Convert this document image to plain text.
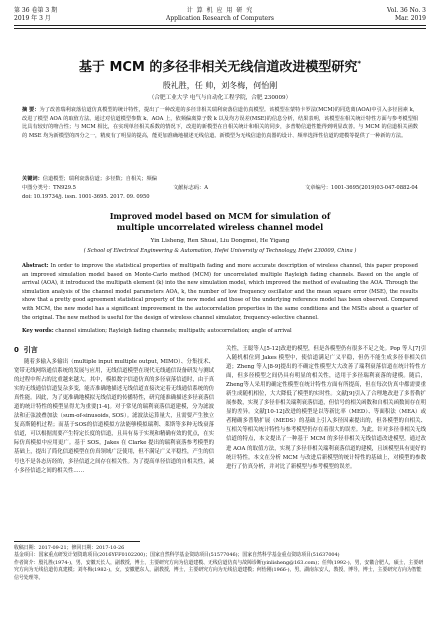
第 36 卷第 3 期
2019 年 3 月
计 算 机 应 用 研 究
Application Research of Computers
Vol. 36 No. 3
Mar. 2019
基于 MCM 的多径非相关无线信道改进模型研究*
殷礼胜，任 帅，刘冬梅，何怡刚
（合肥工业大学 电气与自动化工程学院，合肥 230009）
摘 要：为了改善瑞利衰落信道仿真模型的统计特性，提出了一种改进的多径非相关瑞利衰落信道仿真模型。该模型在蒙特卡罗法(MCM)的同迭离(AOA)中引入多径因素 k，改进了模型 AOA 的取值方法。通过对信道模型参数 k、AOA 上，依频偏离算子数 k 以及均方误差(MSE)的信息分析，结果表明，该模型在相关统计特性方面与参考模型相比具有较好的吻合性；与 MCM 相比，在实现单径相关系数的情况下，改进的新模型在自相关统计和相关的同步，多普勒信道性能得到明显改善。与 MCM 的信道相关函数的 MSE 均为新模型的四分之一，精度有了明显的提高，能更加准确地描述无线信道。新模型为无线信道仿真器的设计、频率选择性信道的建模等提供了一种新的方法。
关键词：信道模型；瑞利衰落信道；多径数；自相关；频偏
中图分类号：TN929.5	文献标志码：A	文章编号：1001-3695(2019)03-047-0882-04
doi: 10.19734/j. issn. 1001-3695. 2017. 09. 0950
Improved model based on MCM for simulation of multiple uncorrelated wireless channel model
Yin Lisheng, Ren Shuai, Liu Dongmei, He Yigang
( School of Electrical Engineering & Automation, Hefei University of Technology, Hefei 230009, China )
Abstract: In order to improve the statistical properties of multipath fading and more accurate description of wireless channel, this paper proposed an improved simulation model based on Monte-Carlo method (MCM) for uncorrelated multiple Rayleigh fading channels. Based on the angle of arrival (AOA), it introduced the multipath element (k) into the new simulation model, which improved the method of evaluating the AOA. Through the simulation analysis of the channel model parameters AOA, k, the number of low frequency oscillator and the mean square error (MSE), the results show that a pretty good agreement statistical property of the new model and those of the underlying reference model has been observed. Compared with MCM, the new model has a significant improvement in the autocorrelation properties in the same conditions and the MSEs about a quarter of the original. The new method is useful for the design of wireless channel simulator, frequency-selective channel.
Key words: channel simulation; Rayleigh fading channels; multipath; autocorrelation; angle of arrival
0 引言

随着多输入多输出（multiple input multiple output, MIMO）、分集技术、宽带无线网络通信系统的发展与应用，无线信道模型在现代无线通信设备研发与测试的过程中所占的比重越来越大。其中，模拟数字信道仿真的多径衰落信道时，由于真实的无线通信信道复杂多变，能否准确地描述无线信道直接决定着无线通信系统的仿真性能。因此，为了更准确地模拟无线信道的传播特性，研究能准确描述多径衰落信道的统计特性的模型显得尤为重要[1-4]。对于常见的瑞利衰落信道建模，分为滤波法和正弦波叠加法（sum-of-sinusoids, SOS）。滤波法运算量大，且需要产生独立复高斯随机过程；而基于SOS的信道模拟方法能够模拟瑞利、莱斯等多种无线衰落信道，可以根据需要产生特定长度的信道，且具有易于实现和精确有效的优点，在实际仿真模拟中应用更广。基于 SOS，Jakes 在 Clarke 提出的瑞利衰落参考模型的基础上，提出了简化信道模型在仿真领域广泛使用，但不满足广义平稳性，产生的信号也不是各态历经的，多径信道之间存在相关性。为了提高单径信道的自相关性，减小多径信道之间的相关性……

关性，王聪等人[5-12]改进的模型，但是各模型仍有很多不足之处。Pop 等人[7]引入随机相位到 Jakes 模型中，使信道满足广义平稳，但仍不能生成多径非相关信道；Zheng 等人[8-9]提出的不确定性模型大大改善了瑞利衰落信道在统计特性方面，但多径模型之间仍具有明显的相关性，适用于多径瑞利衰落的建模。随后，Zheng等人采用的确定性模型在统计特性方面有所提高，但在每次仿真中都需要重新生成随机相位，大大降低了模型的实时性。文献[9]引入了合理地改进了多普勒扩展参数，实现了多径非相关瑞利衰落信道，但信号的相关函数和自相关函数间存在明显的差异。文献[10-12]改进的模型是以等新比率（MED）、等面积法（MEA）或者精确多普勒扩展（MEDS）的基础上引入多径因素提出的，但各模型的自相关、互相关等相关统计特性与参考模型仍存在着很大的误差。为此，针对多径非相关无线信道的特点，本文提出了一种基于 MCM 的多径非相关无线信道改进模型，通过改进 AOA 的取值方法，实现了多径非相关瑞利衰落信道的建模，且该模型具有更好的统计特性。本文在分析 MCM 与改进后新模型的统计特性的基础上，对模型的参数进行了仿真分析，并对比了新模型与参考模型的误差。

收稿日期：2017-09-21；修回日期：2017-10-26
基金项目：国家重点研发计划资助项目(2016YFF0102200)；国家自然科学基金资助项目(51577046)；国家自然科学基金重点资助项目(51637004)
作者简介：殷礼胜(1974-)，男，安徽天长人，副教授，博士，主要研究方向为信道建模、无线信道仿真与故障诊断(yinlisheng@163.com)；任帅(1992-)，男，安徽合肥人，硕士，主要研究方向为无线信道仿真建模；刘冬梅(1982-)，女，安徽肥东人，副教授，博士，主要研究方向为无线信道建模；何怡刚(1966-)，男，湖南东安人，教授，博导，博士，主要研究方向为智能信号处理等。
